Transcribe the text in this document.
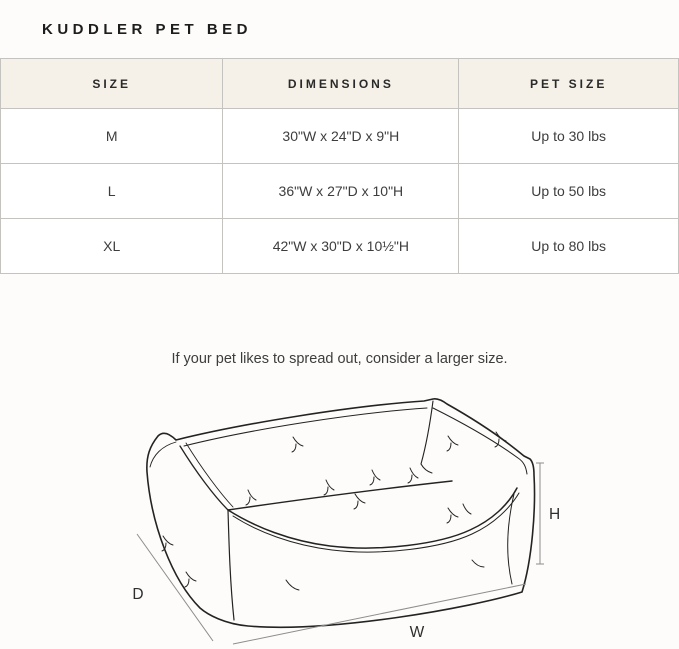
KUDDLER PET BED
SIZE	DIMENSIONS	PET SIZE
M	30"W x 24"D x 9"H	Up to 30 lbs
L	36"W x 27"D x 10"H	Up to 50 lbs
XL	42"W x 30"D x 10½"H	Up to 80 lbs

If your pet likes to spread out, consider a larger size.

D
W
H
